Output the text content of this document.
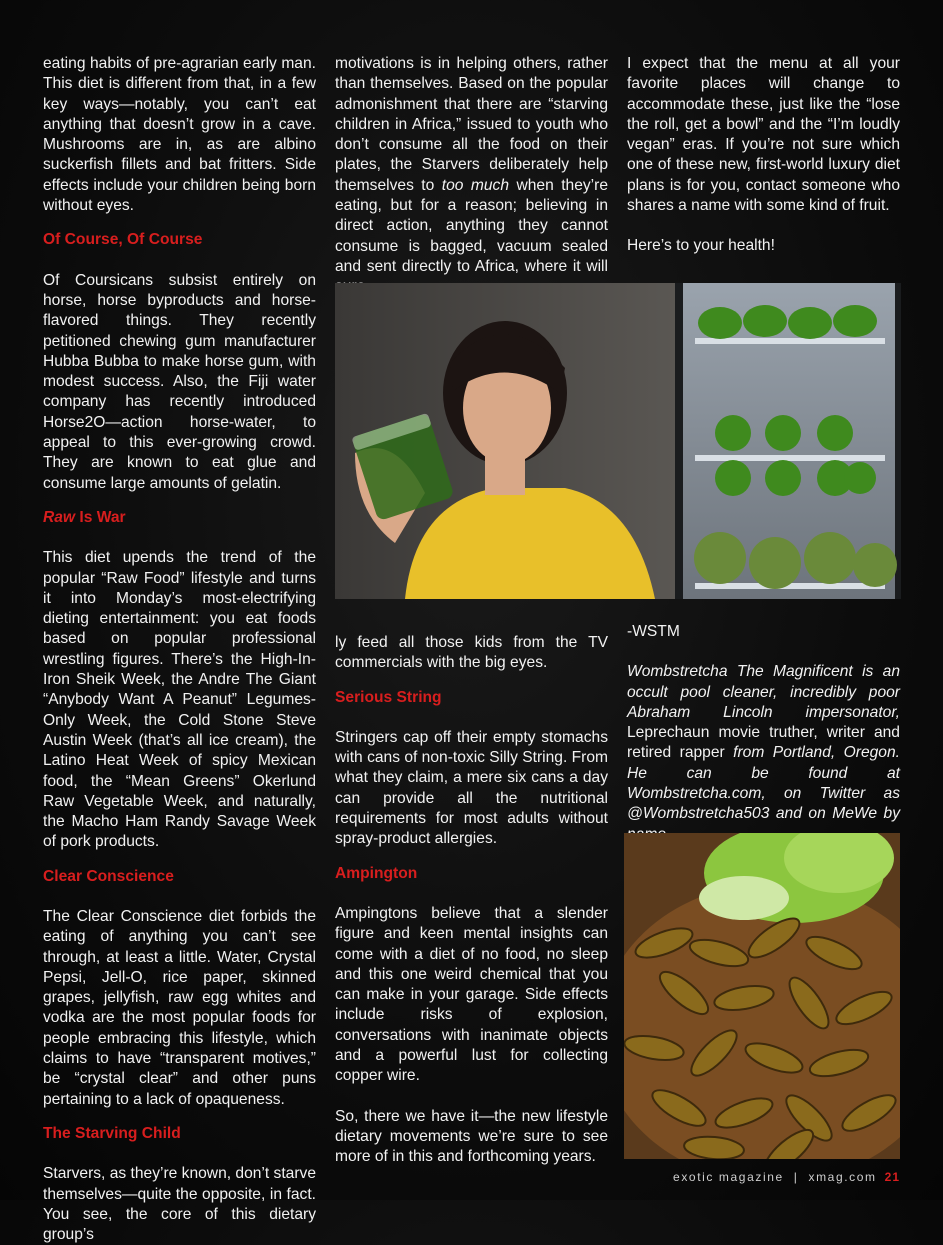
eating habits of pre-agrarian early man. This diet is different from that, in a few key ways—notably, you can’t eat anything that doesn’t grow in a cave. Mushrooms are in, as are albino suckerfish fillets and bat fritters. Side effects include your children being born without eyes.

Of Course, Of Course

Of Coursicans subsist entirely on horse, horse byproducts and horse-flavored things. They recently petitioned chewing gum manufacturer Hubba Bubba to make horse gum, with modest success. Also, the Fiji water company has recently introduced Horse2O—action horse-water, to appeal to this ever-growing crowd. They are known to eat glue and consume large amounts of gelatin.

Raw Is War

This diet upends the trend of the popular “Raw Food” lifestyle and turns it into Monday’s most-electrifying dieting entertainment: you eat foods based on popular professional wrestling figures. There’s the High-In-Iron Sheik Week, the Andre The Giant “Anybody Want A Peanut” Legumes-Only Week, the Cold Stone Steve Austin Week (that’s all ice cream), the Latino Heat Week of spicy Mexican food, the “Mean Greens” Okerlund Raw Vegetable Week, and naturally, the Macho Ham Randy Savage Week of pork products.

Clear Conscience

The Clear Conscience diet forbids the eating of anything you can’t see through, at least a little. Water, Crystal Pepsi, Jell-O, rice paper, skinned grapes, jellyfish, raw egg whites and vodka are the most popular foods for people embracing this lifestyle, which claims to have “transparent motives,” be “crystal clear” and other puns pertaining to a lack of opaqueness.

The Starving Child

Starvers, as they’re known, don’t starve themselves—quite the opposite, in fact. You see, the core of this dietary group’s

motivations is in helping others, rather than themselves. Based on the popular admonishment that there are “starving children in Africa,” issued to youth who don’t consume all the food on their plates, the Starvers deliberately help themselves to too much when they’re eating, but for a reason; believing in direct action, anything they cannot consume is bagged, vacuum sealed and sent directly to Africa, where it will

I expect that the menu at all your favorite places will change to accommodate these, just like the “lose the roll, get a bowl” and the “I’m loudly vegan” eras. If you’re not sure which one of these new, first-world luxury diet plans is for you, contact someone who shares a name with some kind of fruit.

Here’s to your health!

ly feed all those kids from the TV commercials with the big eyes.

Serious String

Stringers cap off their empty stomachs with cans of non-toxic Silly String. From what they claim, a mere six cans a day can provide all the nutritional requirements for most adults without spray-product allergies.

Ampington

Ampingtons believe that a slender figure and keen mental insights can come with a diet of no food, no sleep and this one weird chemical that you can make in your garage. Side effects include risks of explosion, conversations with inanimate objects and a powerful lust for collecting copper wire.

So, there we have it—the new lifestyle dietary movements we’re sure to see more of in this and forthcoming years.

-WSTM

Wombstretcha The Magnificent is an occult pool cleaner, incredibly poor Abraham Lincoln impersonator, Leprechaun movie truther, writer and retired rapper from Portland, Oregon. He can be found at Wombstretcha.com, on Twitter as @Wombstretcha503 and on MeWe by

exotic magazine | xmag.com 21
